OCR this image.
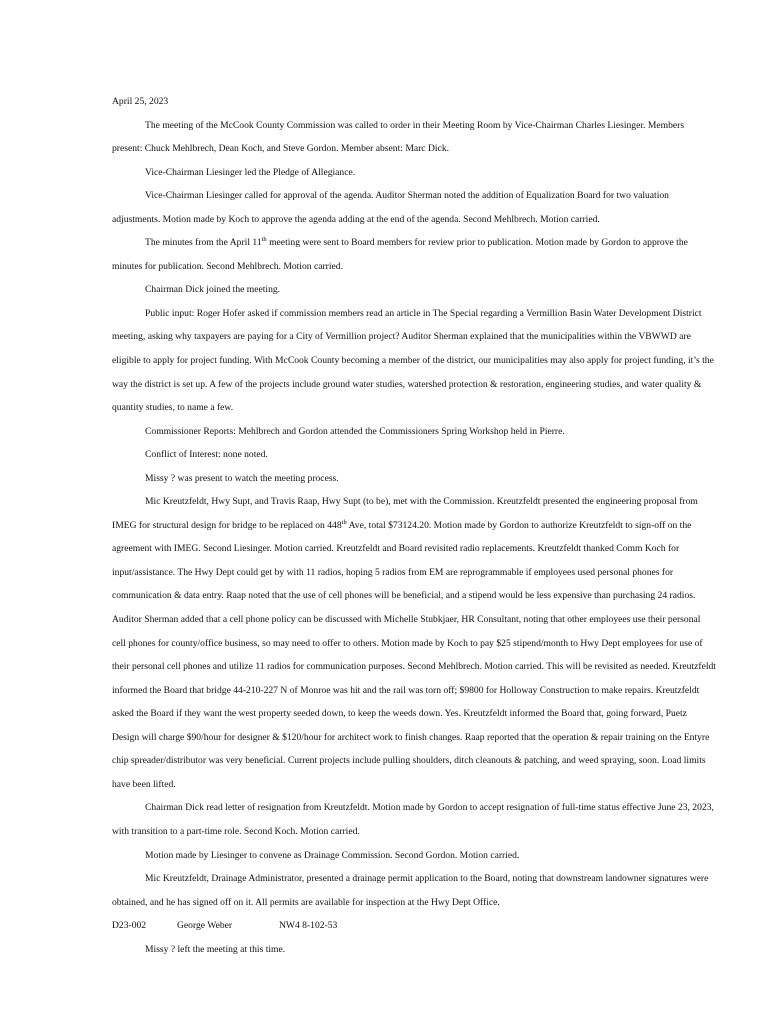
April 25, 2023

The meeting of the McCook County Commission was called to order in their Meeting Room by Vice-Chairman Charles Liesinger. Members present: Chuck Mehlbrech, Dean Koch, and Steve Gordon. Member absent: Marc Dick.

Vice-Chairman Liesinger led the Pledge of Allegiance.

Vice-Chairman Liesinger called for approval of the agenda. Auditor Sherman noted the addition of Equalization Board for two valuation adjustments. Motion made by Koch to approve the agenda adding at the end of the agenda. Second Mehlbrech. Motion carried.

The minutes from the April 11th meeting were sent to Board members for review prior to publication. Motion made by Gordon to approve the minutes for publication. Second Mehlbrech. Motion carried.

Chairman Dick joined the meeting.

Public input: Roger Hofer asked if commission members read an article in The Special regarding a Vermillion Basin Water Development District meeting, asking why taxpayers are paying for a City of Vermillion project? Auditor Sherman explained that the municipalities within the VBWWD are eligible to apply for project funding. With McCook County becoming a member of the district, our municipalities may also apply for project funding, it’s the way the district is set up. A few of the projects include ground water studies, watershed protection & restoration, engineering studies, and water quality & quantity studies, to name a few.

Commissioner Reports: Mehlbrech and Gordon attended the Commissioners Spring Workshop held in Pierre.

Conflict of Interest: none noted.

Missy ? was present to watch the meeting process.

Mic Kreutzfeldt, Hwy Supt, and Travis Raap, Hwy Supt (to be), met with the Commission. Kreutzfeldt presented the engineering proposal from IMEG for structural design for bridge to be replaced on 448th Ave, total $73124.20. Motion made by Gordon to authorize Kreutzfeldt to sign-off on the agreement with IMEG. Second Liesinger. Motion carried. Kreutzfeldt and Board revisited radio replacements. Kreutzfeldt thanked Comm Koch for input/assistance. The Hwy Dept could get by with 11 radios, hoping 5 radios from EM are reprogrammable if employees used personal phones for communication & data entry. Raap noted that the use of cell phones will be beneficial, and a stipend would be less expensive than purchasing 24 radios. Auditor Sherman added that a cell phone policy can be discussed with Michelle Stubkjaer, HR Consultant, noting that other employees use their personal cell phones for county/office business, so may need to offer to others. Motion made by Koch to pay $25 stipend/month to Hwy Dept employees for use of their personal cell phones and utilize 11 radios for communication purposes. Second Mehlbrech. Motion carried. This will be revisited as needed. Kreutzfeldt informed the Board that bridge 44-210-227 N of Monroe was hit and the rail was torn off; $9800 for Holloway Construction to make repairs. Kreutzfeldt asked the Board if they want the west property seeded down, to keep the weeds down. Yes. Kreutzfeldt informed the Board that, going forward, Puetz Design will charge $90/hour for designer & $120/hour for architect work to finish changes. Raap reported that the operation & repair training on the Entyre chip spreader/distributor was very beneficial. Current projects include pulling shoulders, ditch cleanouts & patching, and weed spraying, soon. Load limits have been lifted.

Chairman Dick read letter of resignation from Kreutzfeldt. Motion made by Gordon to accept resignation of full-time status effective June 23, 2023, with transition to a part-time role. Second Koch. Motion carried.

Motion made by Liesinger to convene as Drainage Commission. Second Gordon. Motion carried.

Mic Kreutzfeldt, Drainage Administrator, presented a drainage permit application to the Board, noting that downstream landowner signatures were obtained, and he has signed off on it. All permits are available for inspection at the Hwy Dept Office.

D23-002	George Weber	NW4 8-102-53

Missy ? left the meeting at this time.
